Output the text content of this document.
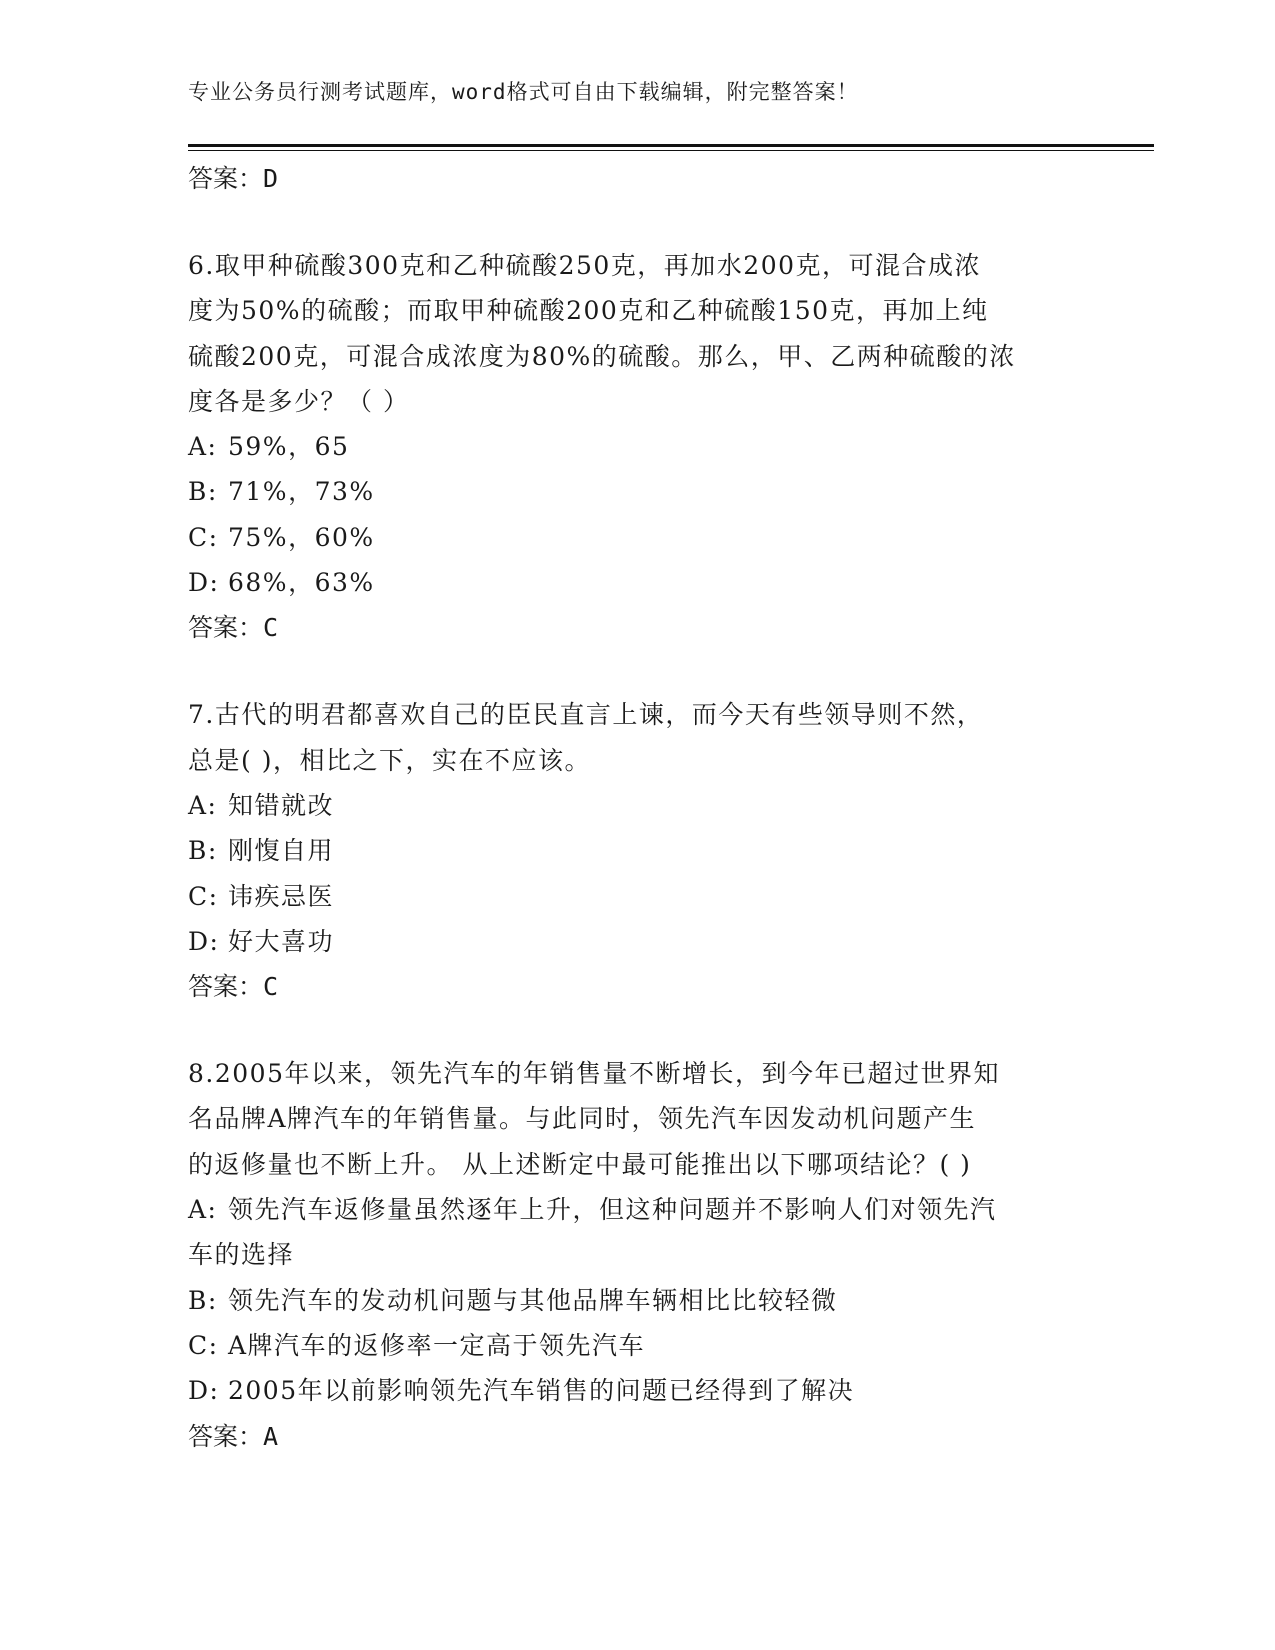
专业公务员行测考试题库，word格式可自由下载编辑，附完整答案！
答案：D
6.取甲种硫酸300克和乙种硫酸250克，再加水200克，可混合成浓
度为50%的硫酸；而取甲种硫酸200克和乙种硫酸150克，再加上纯
硫酸200克，可混合成浓度为80%的硫酸。那么，甲、乙两种硫酸的浓
度各是多少？（ ）
A: 59%，65
B: 71%，73%
C: 75%，60%
D: 68%，63%
答案：C
7.古代的明君都喜欢自己的臣民直言上谏，而今天有些领导则不然，
总是( )，相比之下，实在不应该。
A: 知错就改
B: 刚愎自用
C: 讳疾忌医
D: 好大喜功
答案：C
8.2005年以来，领先汽车的年销售量不断增长，到今年已超过世界知
名品牌A牌汽车的年销售量。与此同时，领先汽车因发动机问题产生
的返修量也不断上升。 从上述断定中最可能推出以下哪项结论？( )
A: 领先汽车返修量虽然逐年上升，但这种问题并不影响人们对领先汽
车的选择
B: 领先汽车的发动机问题与其他品牌车辆相比比较轻微
C: A牌汽车的返修率一定高于领先汽车
D: 2005年以前影响领先汽车销售的问题已经得到了解决
答案：A
